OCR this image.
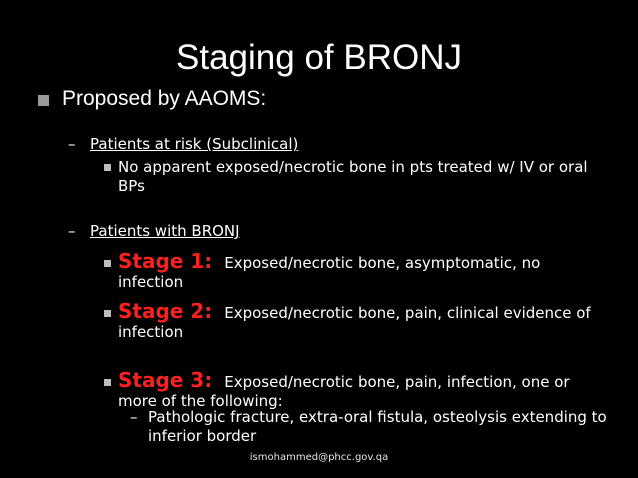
Staging of BRONJ
Proposed by AAOMS:
– Patients at risk (Subclinical)
No apparent exposed/necrotic bone in pts treated w/ IV or oral BPs
– Patients with BRONJ
Stage 1: Exposed/necrotic bone, asymptomatic, no infection
Stage 2: Exposed/necrotic bone, pain, clinical evidence of infection
Stage 3: Exposed/necrotic bone, pain, infection, one or more of the following:
– Pathologic fracture, extra-oral fistula, osteolysis extending to inferior border
ismohammed@phcc.gov.qa
